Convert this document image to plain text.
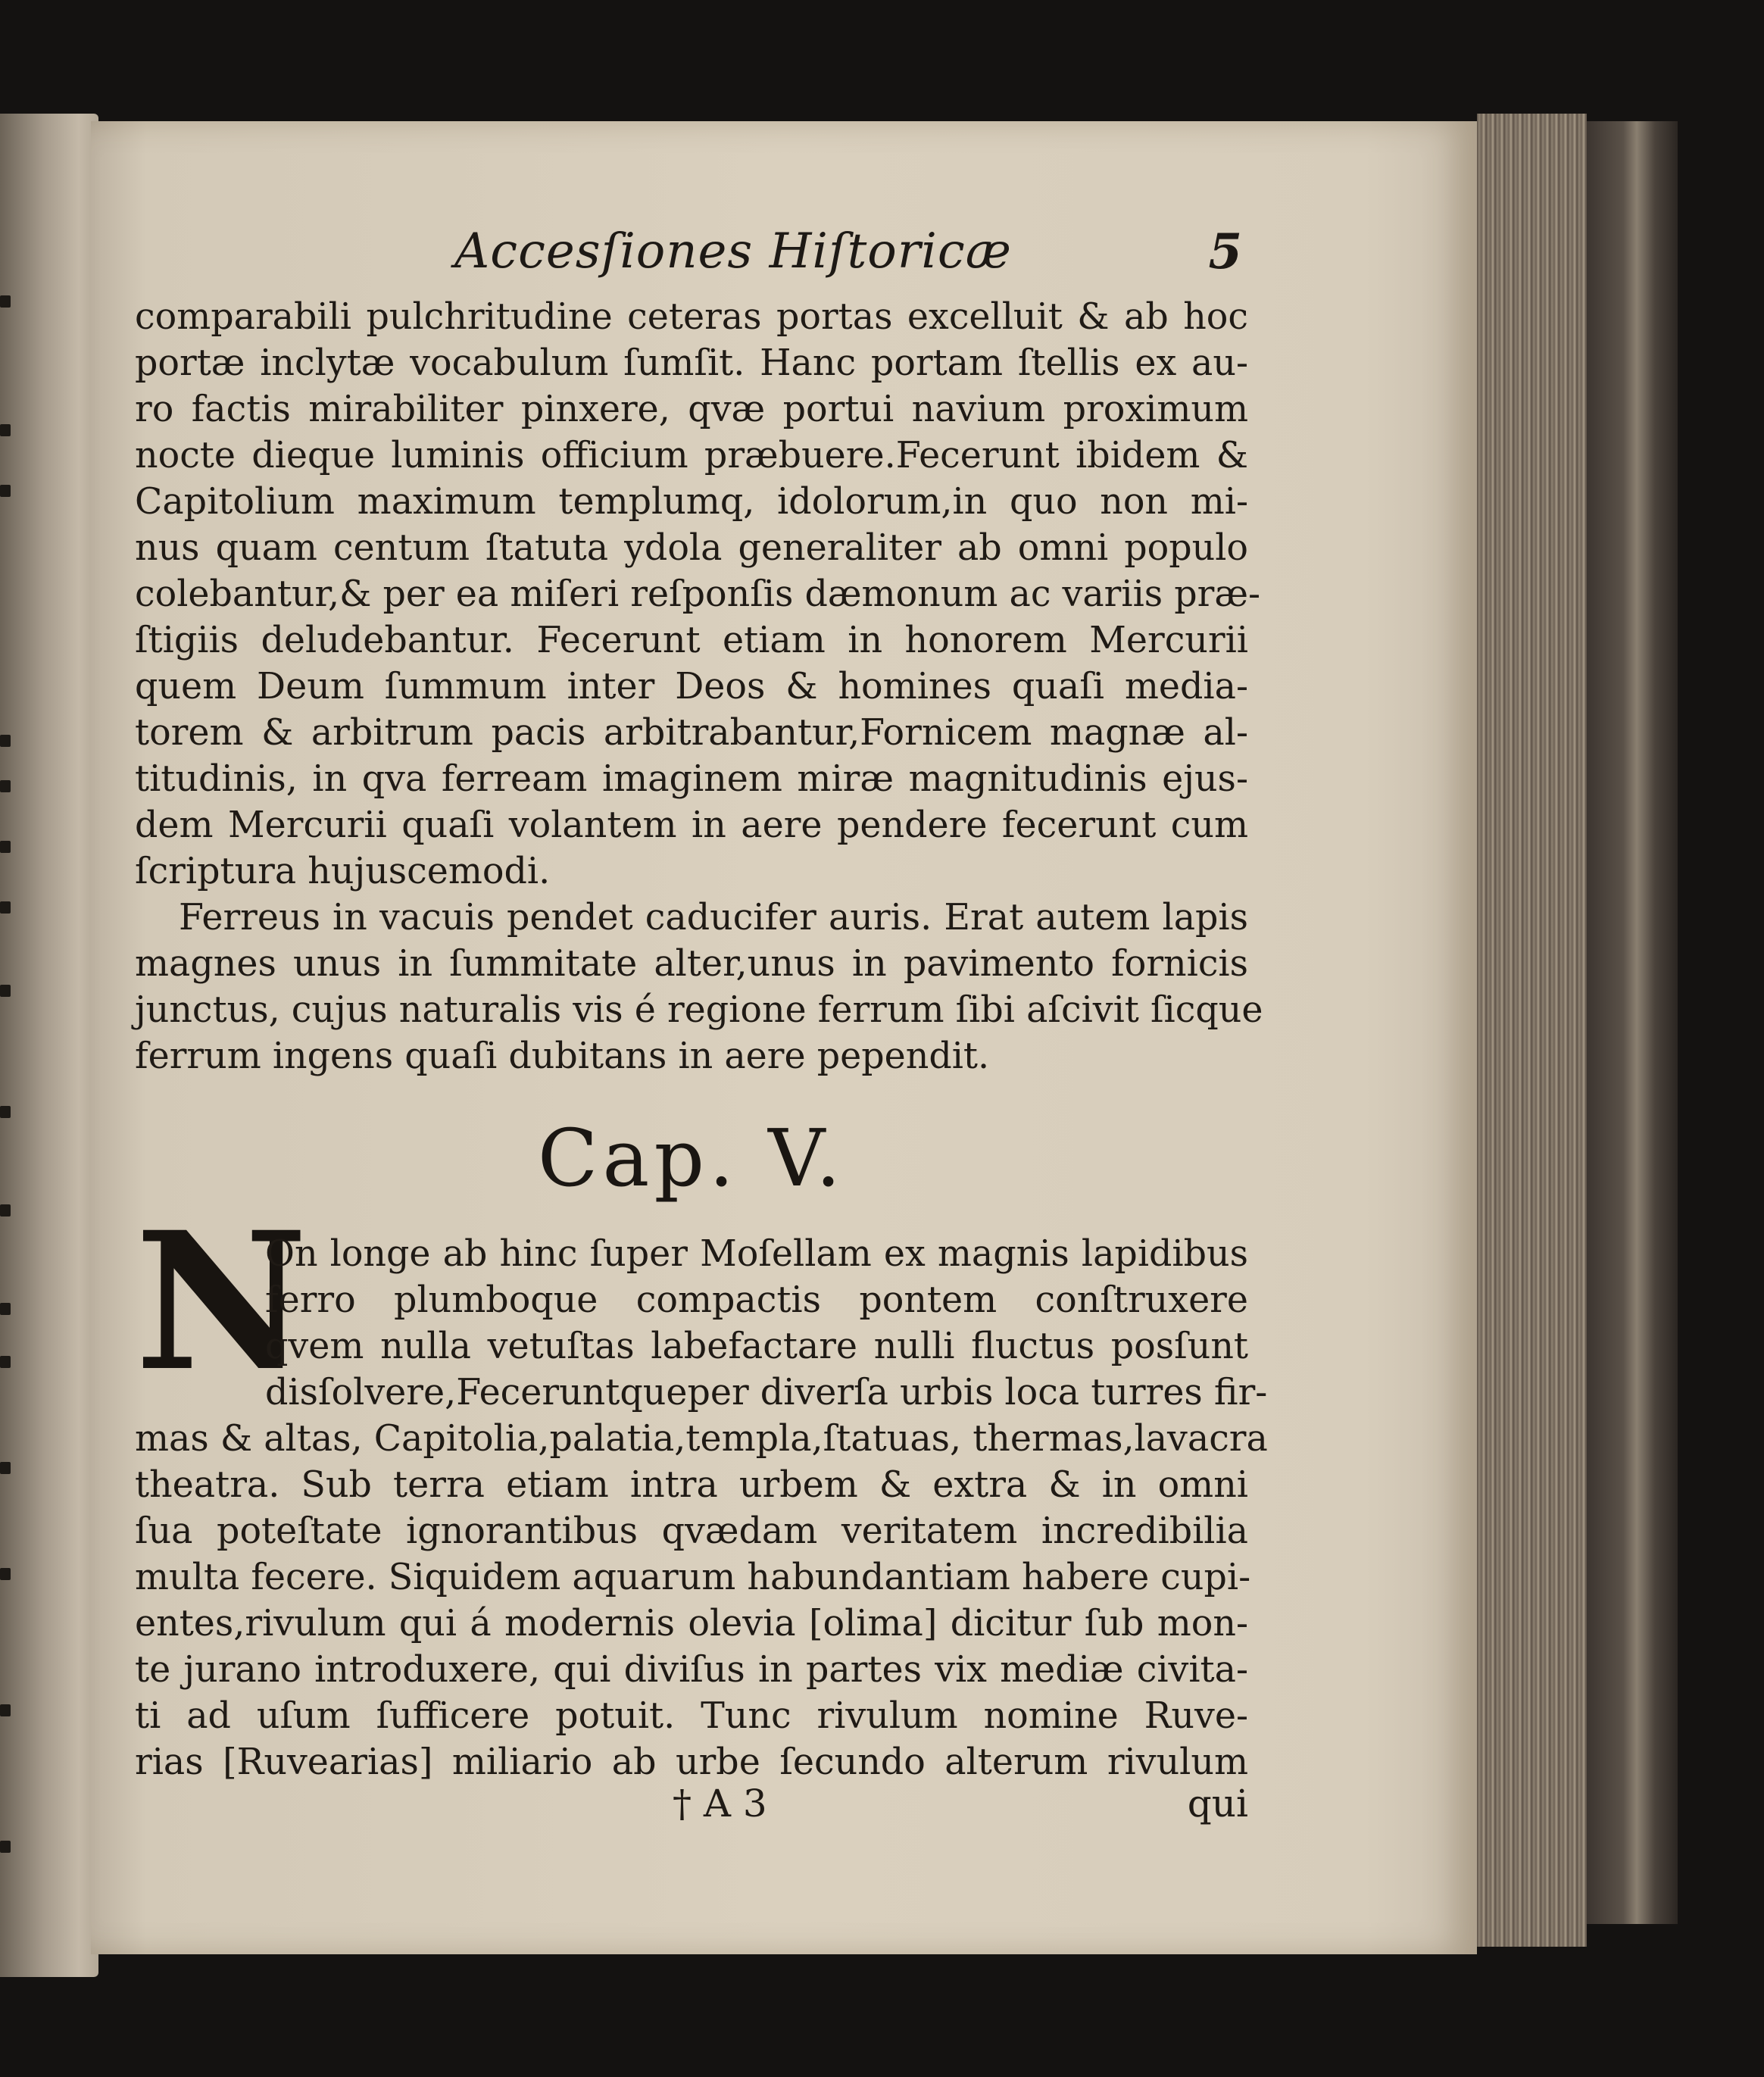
Accesſiones Hiſtoricæ	5
comparabili pulchritudine ceteras portas excelluit & ab hoc
portæ inclytæ vocabulum ſumſit. Hanc portam ſtellis ex au-
ro factis mirabiliter pinxere, qvæ portui navium proximum
nocte dieque luminis officium præbuere.Fecerunt ibidem &
Capitolium maximum templumq, idolorum,in quo non mi-
nus quam centum ſtatuta ydola generaliter ab omni populo
colebantur,& per ea miſeri reſponſis dæmonum ac variis præ-
ſtigiis deludebantur. Fecerunt etiam in honorem Mercurii
quem Deum ſummum inter Deos & homines quaſi media-
torem & arbitrum pacis arbitrabantur,Fornicem magnæ al-
titudinis, in qva ferream imaginem miræ magnitudinis ejus-
dem Mercurii quaſi volantem in aere pendere fecerunt cum
ſcriptura hujuscemodi.
Ferreus in vacuis pendet caducifer auris. Erat autem lapis
magnes unus in ſummitate alter,unus in pavimento fornicis
junctus, cujus naturalis vis é regione ferrum ſibi aſcivit ſicque
ferrum ingens quaſi dubitans in aere pependit.
Cap. V.
N
On longe ab hinc ſuper Moſellam ex magnis lapidibus
ferro plumboque compactis pontem conſtruxere
qvem nulla vetuſtas labefactare nulli fluctus posſunt
disſolvere,Feceruntqueper diverſa urbis loca turres fir-
mas & altas, Capitolia,palatia,templa,ſtatuas, thermas,lavacra
theatra. Sub terra etiam intra urbem & extra & in omni
ſua poteſtate ignorantibus qvædam veritatem incredibilia
multa fecere. Siquidem aquarum habundantiam habere cupi-
entes,rivulum qui á modernis olevia [olima] dicitur ſub mon-
te jurano introduxere, qui diviſus in partes vix mediæ civita-
ti ad uſum ſufficere potuit. Tunc rivulum nomine Ruve-
rias [Ruvearias] miliario ab urbe ſecundo alterum rivulum
† A 3	qui
